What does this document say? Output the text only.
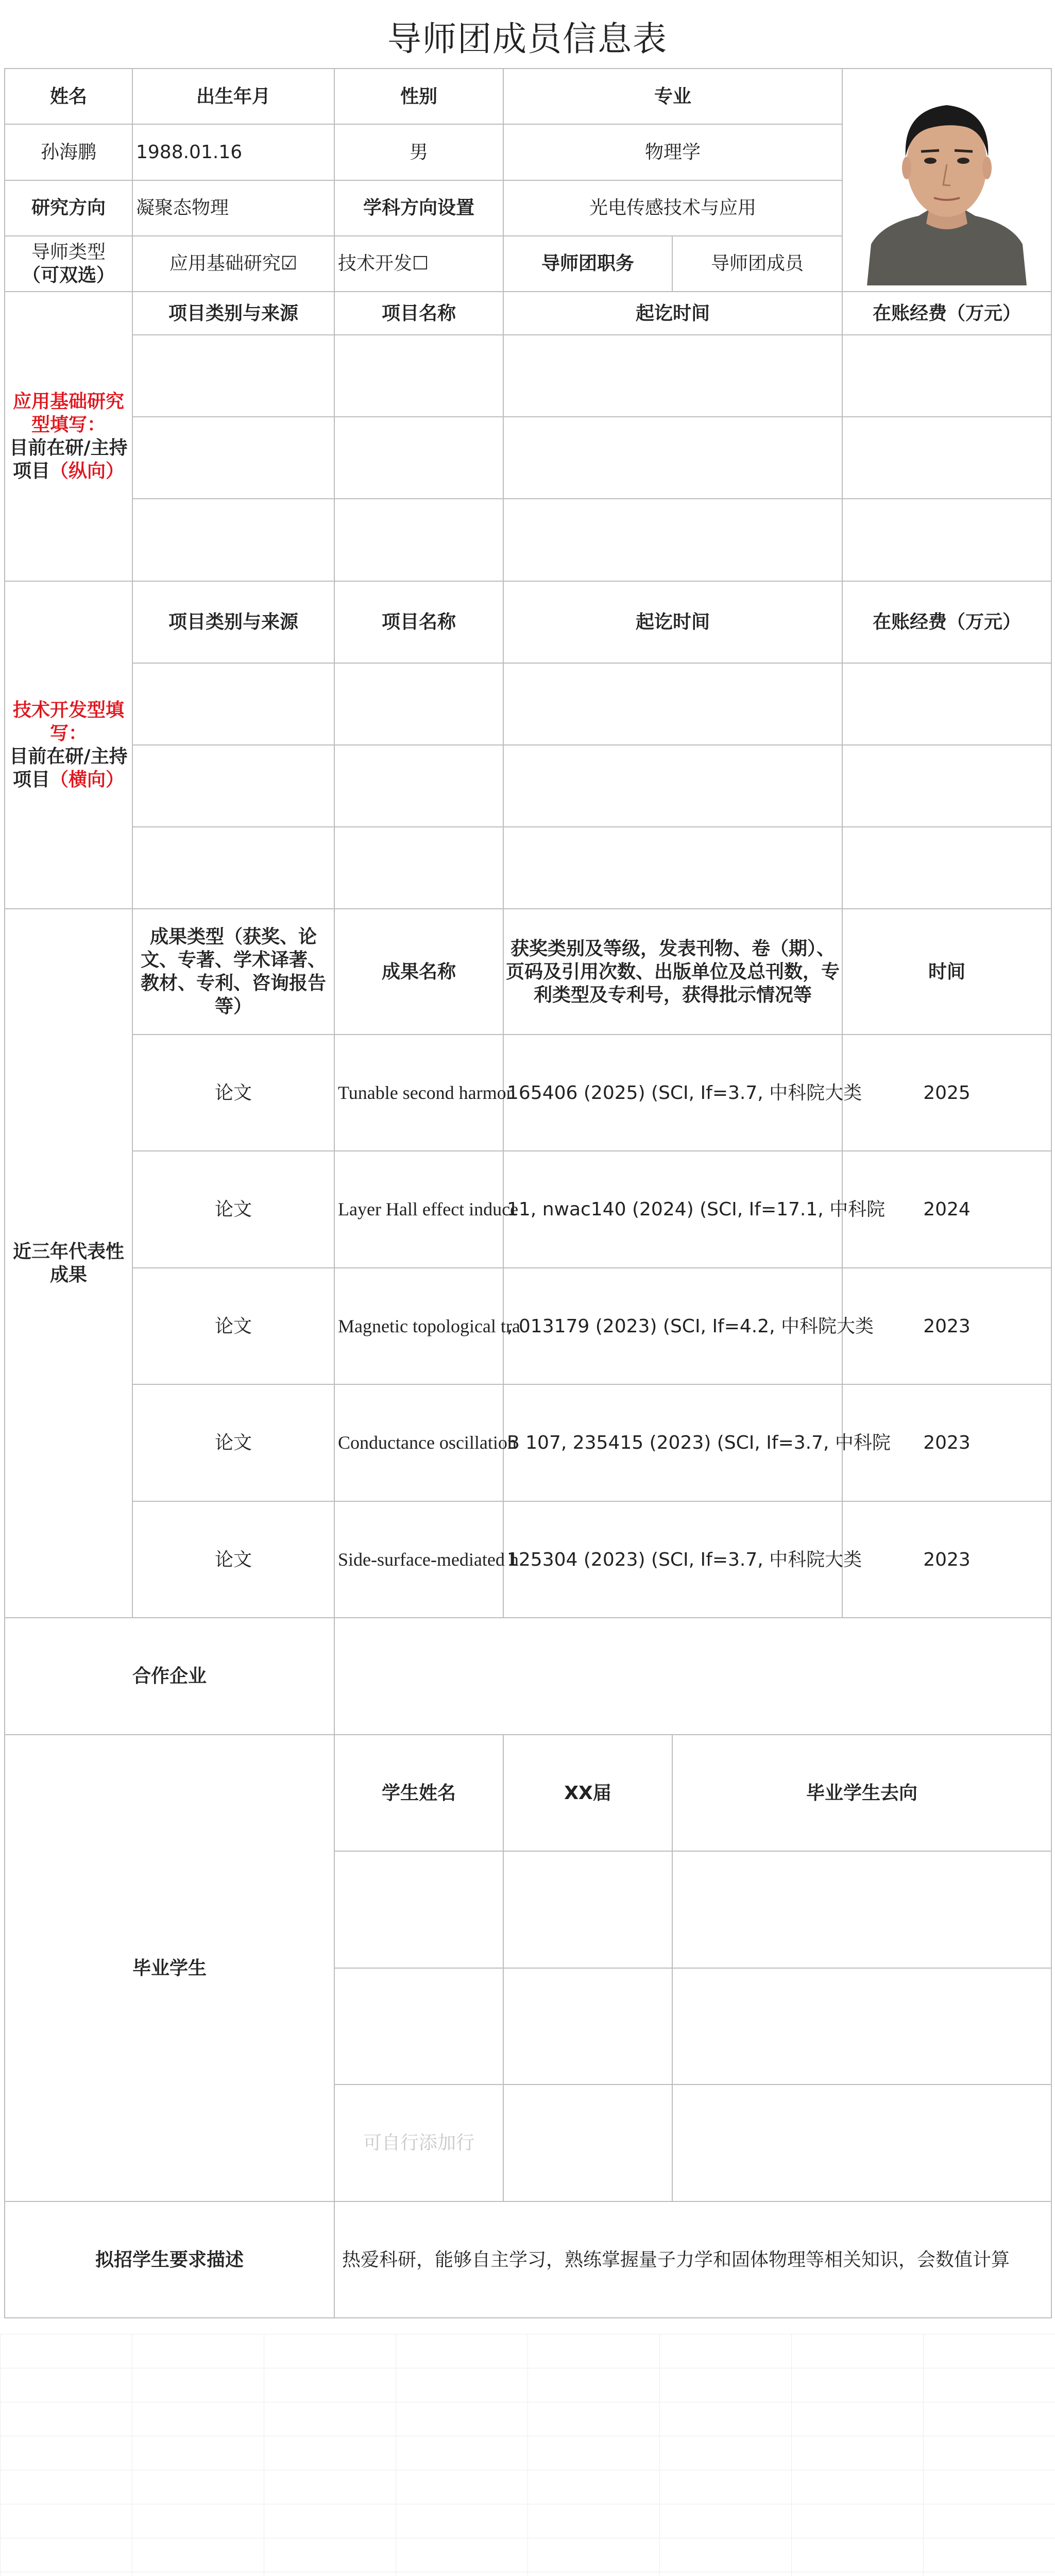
导师团成员信息表
姓名	出生年月	性别	专业	
孙海鹏	1988.01.16	男	物理学		
研究方向	凝聚态物理	学科方向设置	光电传感技术与应用		

导师类型
（可双选）	应用基础研究☑	技术开发☐	导师团职务	导师团成员	

应用基础研究型填写：
目前在研/主持项目（纵向）	项目类别与来源	项目名称	起讫时间		在账经费（万元）

技术开发型填写：
目前在研/主持项目（横向）	项目类别与来源	项目名称	起讫时间		在账经费（万元）

近三年代表性成果	成果类型（获奖、论文、专著、学术译著、教材、专利、咨询报告等）	成果名称	获奖类别及等级，发表刊物、卷（期）、页码及引用次数、出版单位及总刊数，专利类型及专利号，获得批示情况等		时间
	论文	Tunable second harmon	165406 (2025) (SCI, If=3.7, 中科院大类		2025
	论文	Layer Hall effect induce	11, nwac140 (2024) (SCI, If=17.1, 中科院		2024
	论文	Magnetic topological tra	, 013179 (2023) (SCI, If=4.2, 中科院大类		2023
	论文	Conductance oscillation	B 107, 235415 (2023) (SCI, If=3.7, 中科院		2023
	论文	Side-surface-mediated h	125304 (2023) (SCI, If=3.7, 中科院大类		2023
合作企业					
毕业学生		学生姓名	XX届	毕业学生去向	

		可自行添加行			
拟招学生要求描述		热爱科研，能够自主学习，熟练掌握量子力学和固体物理等相关知识，会数值计算			
